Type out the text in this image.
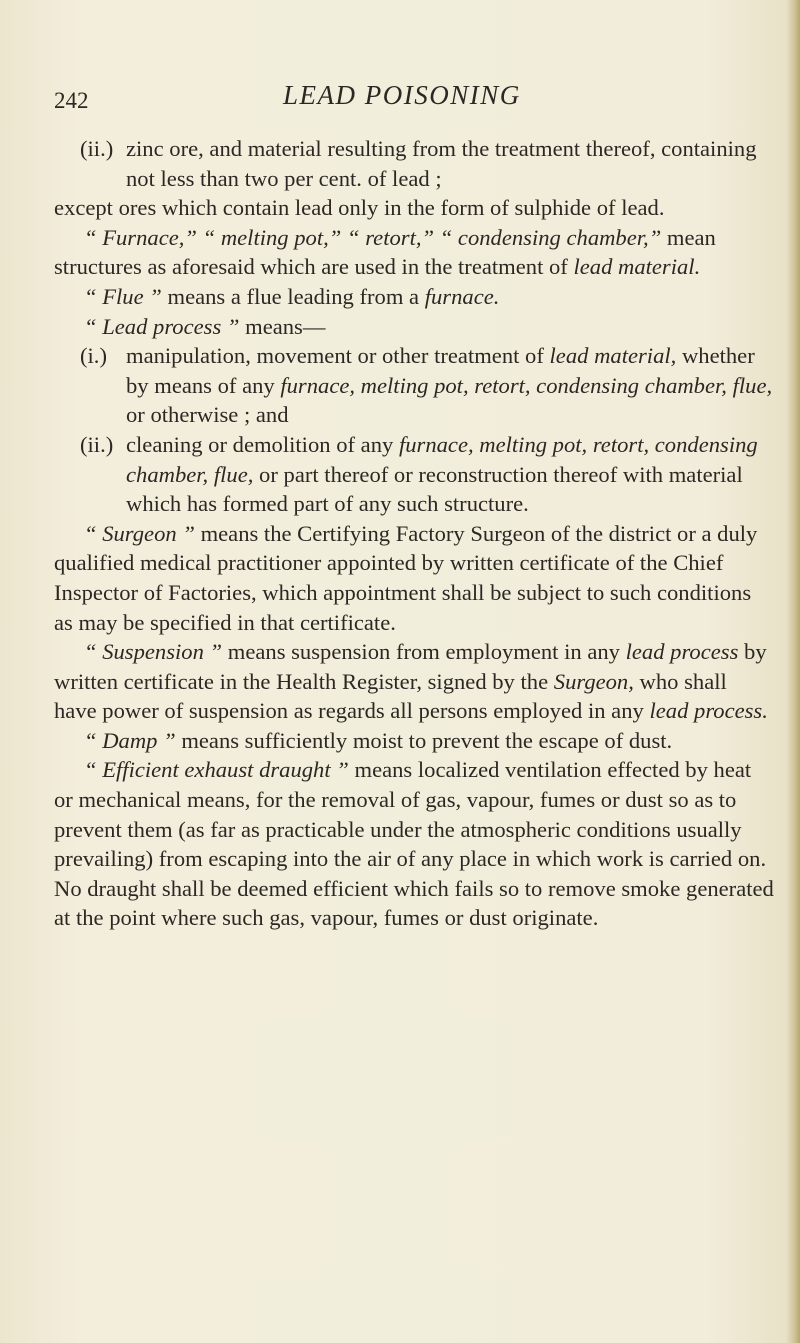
242	LEAD POISONING

(ii.) zinc ore, and material resulting from the treatment thereof, containing not less than two per cent. of lead ;

except ores which contain lead only in the form of sulphide of lead.

“ Furnace,” “ melting pot,” “ retort,” “ condensing chamber,” mean structures as aforesaid which are used in the treatment of lead material.

“ Flue ” means a flue leading from a furnace.

“ Lead process ” means—

(i.) manipulation, movement or other treatment of lead material, whether by means of any furnace, melting pot, retort, condensing chamber, flue, or otherwise ; and

(ii.) cleaning or demolition of any furnace, melting pot, retort, condensing chamber, flue, or part thereof or reconstruction thereof with material which has formed part of any such structure.

“ Surgeon ” means the Certifying Factory Surgeon of the district or a duly qualified medical practitioner appointed by written certificate of the Chief Inspector of Factories, which appointment shall be subject to such conditions as may be specified in that certificate.

“ Suspension ” means suspension from employment in any lead process by written certificate in the Health Register, signed by the Surgeon, who shall have power of suspension as regards all persons employed in any lead process.

“ Damp ” means sufficiently moist to prevent the escape of dust.

“ Efficient exhaust draught ” means localized ventilation effected by heat or mechanical means, for the removal of gas, vapour, fumes or dust so as to prevent them (as far as practicable under the atmospheric conditions usually prevailing) from escaping into the air of any place in which work is carried on. No draught shall be deemed efficient which fails so to remove smoke generated at the point where such gas, vapour, fumes or dust originate.
